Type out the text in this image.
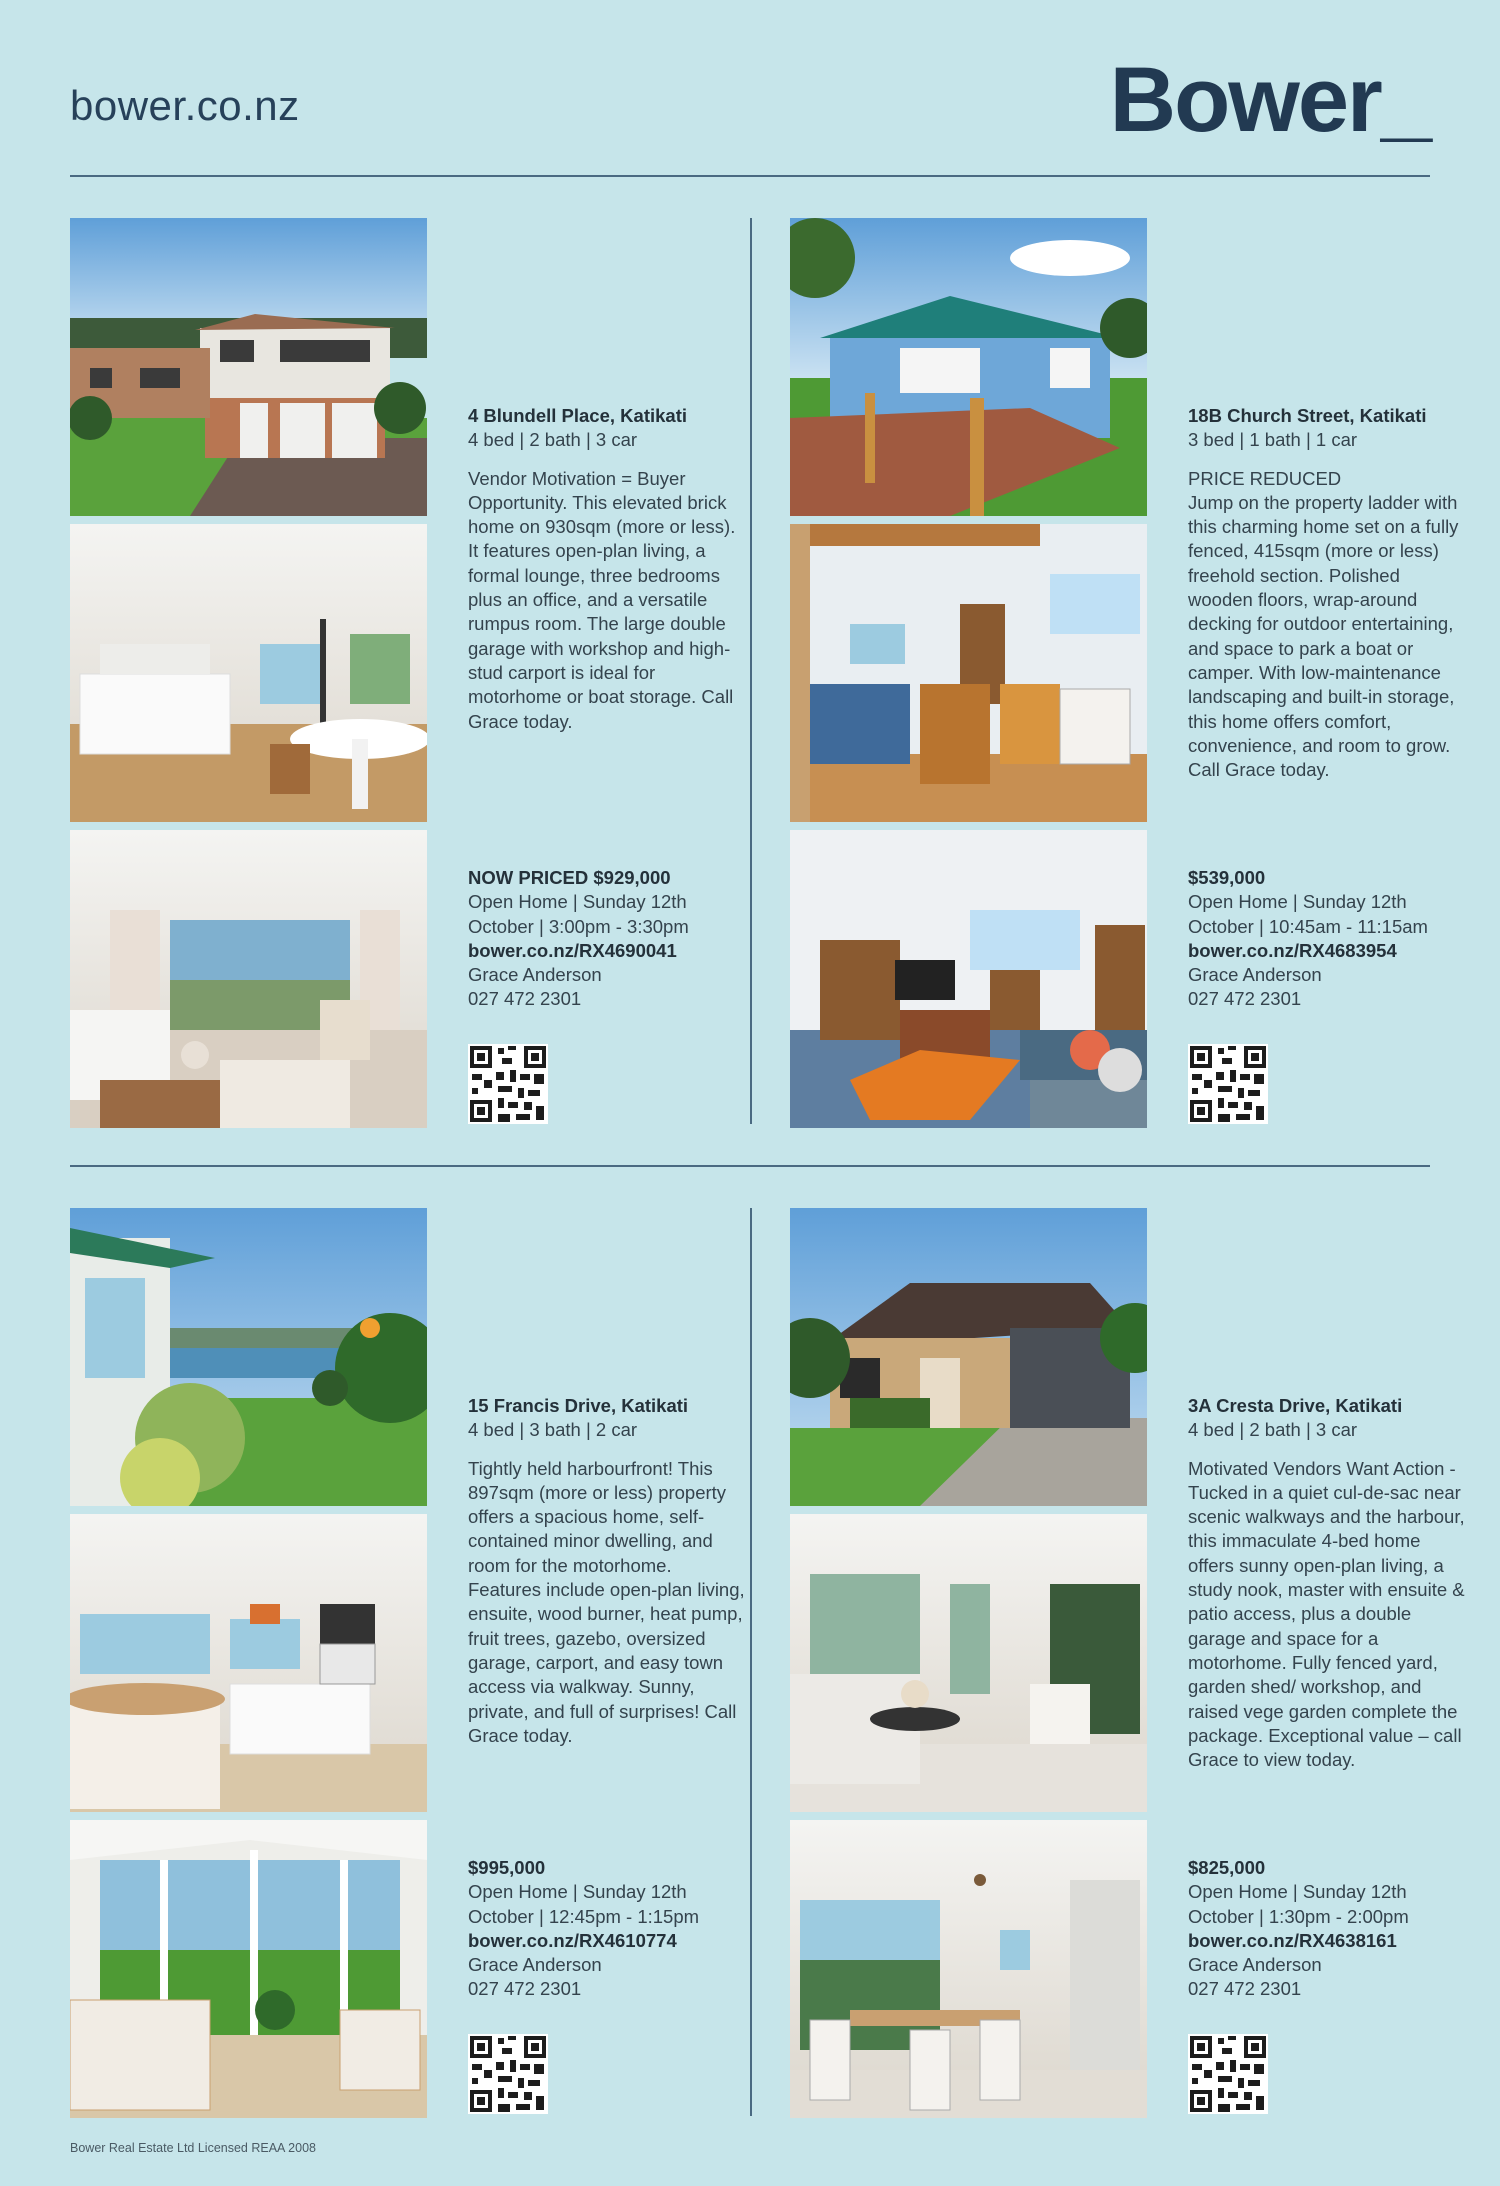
bower.co.nz	Bower_
4 Blundell Place, Katikati
4 bed | 2 bath | 3 car
Vendor Motivation = Buyer Opportunity. This elevated brick home on 930sqm (more or less). It features open-plan living, a formal lounge, three bedrooms plus an office, and a versatile rumpus room. The large double garage with workshop and high-stud carport is ideal for motorhome or boat storage. Call Grace today.
NOW PRICED $929,000
Open Home | Sunday 12th October | 3:00pm - 3:30pm
bower.co.nz/RX4690041
Grace Anderson
027 472 2301
18B Church Street, Katikati
3 bed | 1 bath | 1 car
PRICE REDUCED
Jump on the property ladder with this charming home set on a fully fenced, 415sqm (more or less) freehold section. Polished wooden floors, wrap-around decking for outdoor entertaining, and space to park a boat or camper. With low-maintenance landscaping and built-in storage, this home offers comfort, convenience, and room to grow. Call Grace today.
$539,000
Open Home | Sunday 12th October | 10:45am - 11:15am
bower.co.nz/RX4683954
Grace Anderson
027 472 2301
15 Francis Drive, Katikati
4 bed | 3 bath | 2 car
Tightly held harbourfront! This 897sqm (more or less) property offers a spacious home, self-contained minor dwelling, and room for the motorhome. Features include open-plan living, ensuite, wood burner, heat pump, fruit trees, gazebo, oversized garage, carport, and easy town access via walkway. Sunny, private, and full of surprises! Call Grace today.
$995,000
Open Home | Sunday 12th October | 12:45pm - 1:15pm
bower.co.nz/RX4610774
Grace Anderson
027 472 2301
3A Cresta Drive, Katikati
4 bed | 2 bath | 3 car
Motivated Vendors Want Action - Tucked in a quiet cul-de-sac near scenic walkways and the harbour, this immaculate 4-bed home offers sunny open-plan living, a study nook, master with ensuite & patio access, plus a double garage and space for a motorhome. Fully fenced yard, garden shed/ workshop, and raised vege garden complete the package. Exceptional value – call Grace to view today.
$825,000
Open Home | Sunday 12th October | 1:30pm - 2:00pm
bower.co.nz/RX4638161
Grace Anderson
027 472 2301
Bower Real Estate Ltd Licensed REAA 2008
